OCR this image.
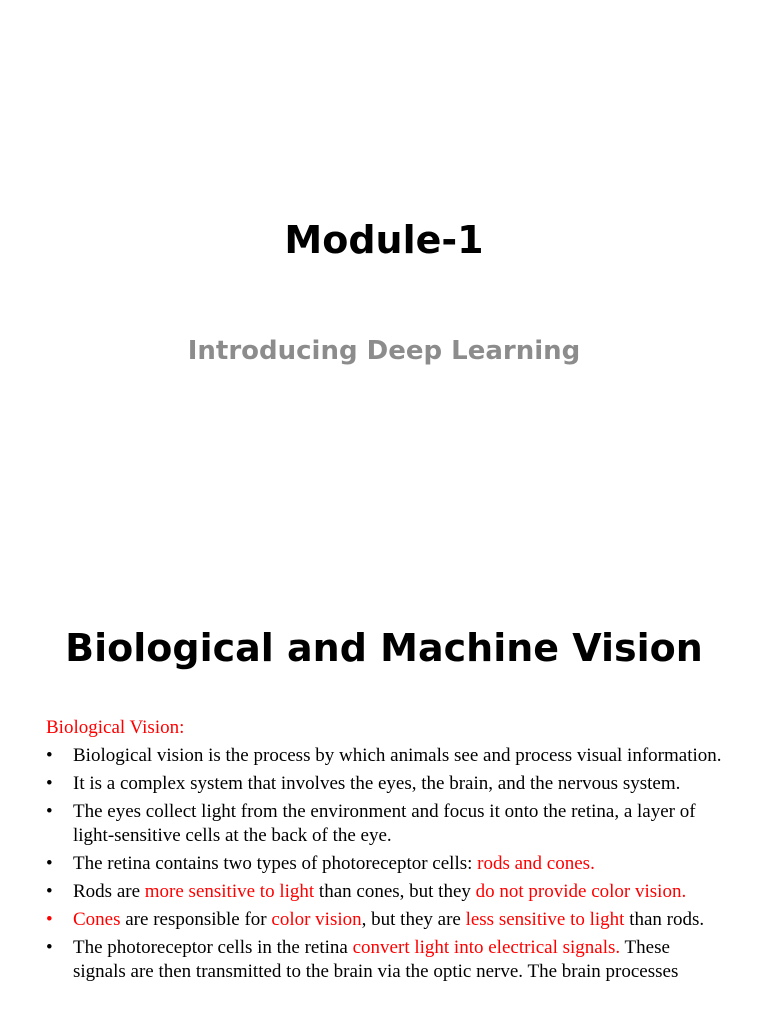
Module-1
Introducing Deep Learning
Biological and Machine Vision
Biological Vision:
• Biological vision is the process by which animals see and process visual information.
• It is a complex system that involves the eyes, the brain, and the nervous system.
• The eyes collect light from the environment and focus it onto the retina, a layer of light-sensitive cells at the back of the eye.
• The retina contains two types of photoreceptor cells: rods and cones.
• Rods are more sensitive to light than cones, but they do not provide color vision.
• Cones are responsible for color vision, but they are less sensitive to light than rods.
• The photoreceptor cells in the retina convert light into electrical signals. These signals are then transmitted to the brain via the optic nerve. The brain processes
